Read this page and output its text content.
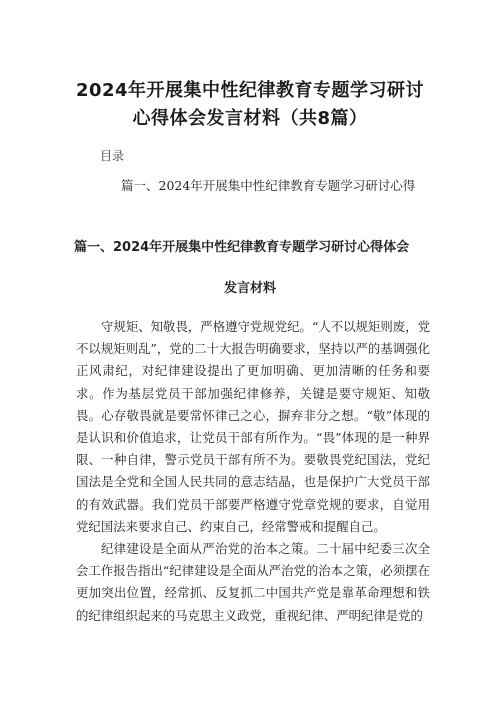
2024年开展集中性纪律教育专题学习研讨
心得体会发言材料（共8篇）
目录
篇一、2024年开展集中性纪律教育专题学习研讨心得
篇一、2024年开展集中性纪律教育专题学习研讨心得体会
发言材料

守规矩、知敬畏，严格遵守党规党纪。“人不以规矩则废，党不以规矩则乱”，党的二十大报告明确要求，坚持以严的基调强化正风肃纪，对纪律建设提出了更加明确、更加清晰的任务和要求。作为基层党员干部加强纪律修养，关键是要守规矩、知敬畏。心存敬畏就是要常怀律己之心，摒弃非分之想。“敬”体现的是认识和价值追求，让党员干部有所作为。“畏”体现的是一种界限、一种自律，警示党员干部有所不为。要敬畏党纪国法，党纪国法是全党和全国人民共同的意志结晶，也是保护广大党员干部的有效武器。我们党员干部要严格遵守党章党规的要求，自觉用党纪国法来要求自己、约束自己，经常警戒和提醒自己。

纪律建设是全面从严治党的治本之策。二十届中纪委三次全会工作报告指出“纪律建设是全面从严治党的治本之策，必须摆在更加突出位置，经常抓、反复抓二中国共产党是靠革命理想和铁的纪律组织起来的马克思主义政党，重视纪律、严明纪律是党的
